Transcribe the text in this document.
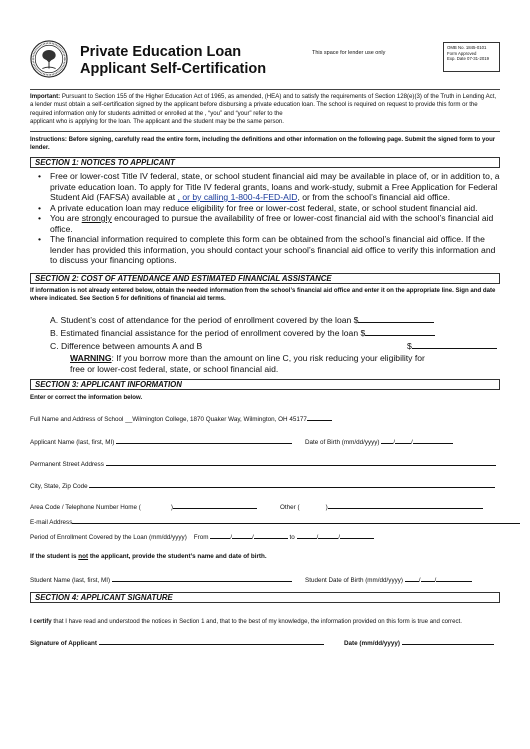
Private Education Loan
Applicant Self-Certification
This space for lender use only
OMB No. 1845-0101
Form Approved
Exp. Date 07-31-2019
Important: Pursuant to Section 155 of the Higher Education Act of 1965, as amended, (HEA) and to satisfy the requirements of Section 128(e)(3) of the Truth in Lending Act, a lender must obtain a self-certification signed by the applicant before disbursing a private education loan. The school is required on request to provide this form or the required information only for students admitted or enrolled at the , “you” and “your” refer to the
applicant who is applying for the loan. The applicant and the student may be the same person.
Instructions: Before signing, carefully read the entire form, including the definitions and other information on the following page. Submit the signed form to your lender.
SECTION 1: NOTICES TO APPLICANT
• Free or lower-cost Title IV federal, state, or school student financial aid may be available in place of, or in addition to, a private education loan. To apply for Title IV federal grants, loans and work-study, submit a Free Application for Federal Student Aid (FAFSA) available at , or by calling 1-800-4-FED-AID, or from the school’s financial aid office.
• A private education loan may reduce eligibility for free or lower-cost federal, state, or school student financial aid.
• You are strongly encouraged to pursue the availability of free or lower-cost financial aid with the school’s financial aid office.
• The financial information required to complete this form can be obtained from the school’s financial aid office. If the lender has provided this information, you should contact your school’s financial aid office to verify this information and to discuss your financing options.
SECTION 2: COST OF ATTENDANCE AND ESTIMATED FINANCIAL ASSISTANCE
If information is not already entered below, obtain the needed information from the school’s financial aid office and enter it on the appropriate line. Sign and date where indicated. See Section 5 for definitions of financial aid terms.
A. Student’s cost of attendance for the period of enrollment covered by the loan $
B. Estimated financial assistance for the period of enrollment covered by the loan $
C. Difference between amounts A and B	$
WARNING: If you borrow more than the amount on line C, you risk reducing your eligibility for
free or lower-cost federal, state, or school financial aid.
SECTION 3: APPLICANT INFORMATION
Enter or correct the information below.
Full Name and Address of School __Wilmington College, 1870 Quaker Way, Wilmington, OH 45177
Applicant Name (last, first, MI)	Date of Birth (mm/dd/yyyy) /	/
Permanent Street Address
City, State, Zip Code
Area Code / Telephone Number Home (	)	Other (	)
E-mail Address
Period of Enrollment Covered by the Loan (mm/dd/yyyy) From	/	/	to	/	/
If the student is not the applicant, provide the student’s name and date of birth.
Student Name (last, first, MI)	Student Date of Birth (mm/dd/yyyy)	/ /
SECTION 4: APPLICANT SIGNATURE
I certify that I have read and understood the notices in Section 1 and, that to the best of my knowledge, the information provided on this form is true and correct.
Signature of Applicant	Date (mm/dd/yyyy)
